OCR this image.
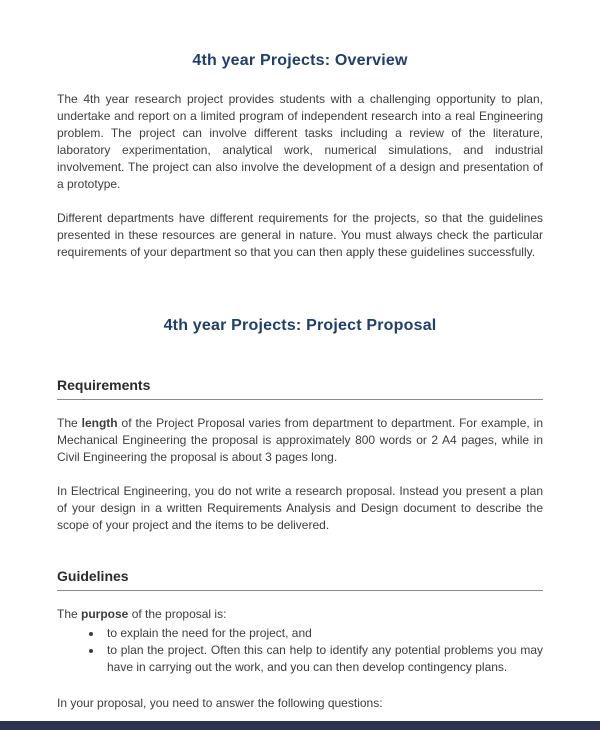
4th year Projects: Overview

The 4th year research project provides students with a challenging opportunity to plan, undertake and report on a limited program of independent research into a real Engineering problem. The project can involve different tasks including a review of the literature, laboratory experimentation, analytical work, numerical simulations, and industrial involvement. The project can also involve the development of a design and presentation of a prototype.

Different departments have different requirements for the projects, so that the guidelines presented in these resources are general in nature. You must always check the particular requirements of your department so that you can then apply these guidelines successfully.

4th year Projects: Project Proposal
Requirements

The length of the Project Proposal varies from department to department. For example, in Mechanical Engineering the proposal is approximately 800 words or 2 A4 pages, while in Civil Engineering the proposal is about 3 pages long.

In Electrical Engineering, you do not write a research proposal. Instead you present a plan of your design in a written Requirements Analysis and Design document to describe the scope of your project and the items to be delivered.

Guidelines

The purpose of the proposal is:

• to explain the need for the project, and
• to plan the project. Often this can help to identify any potential problems you may have in carrying out the work, and you can then develop contingency plans.

In your proposal, you need to answer the following questions:
